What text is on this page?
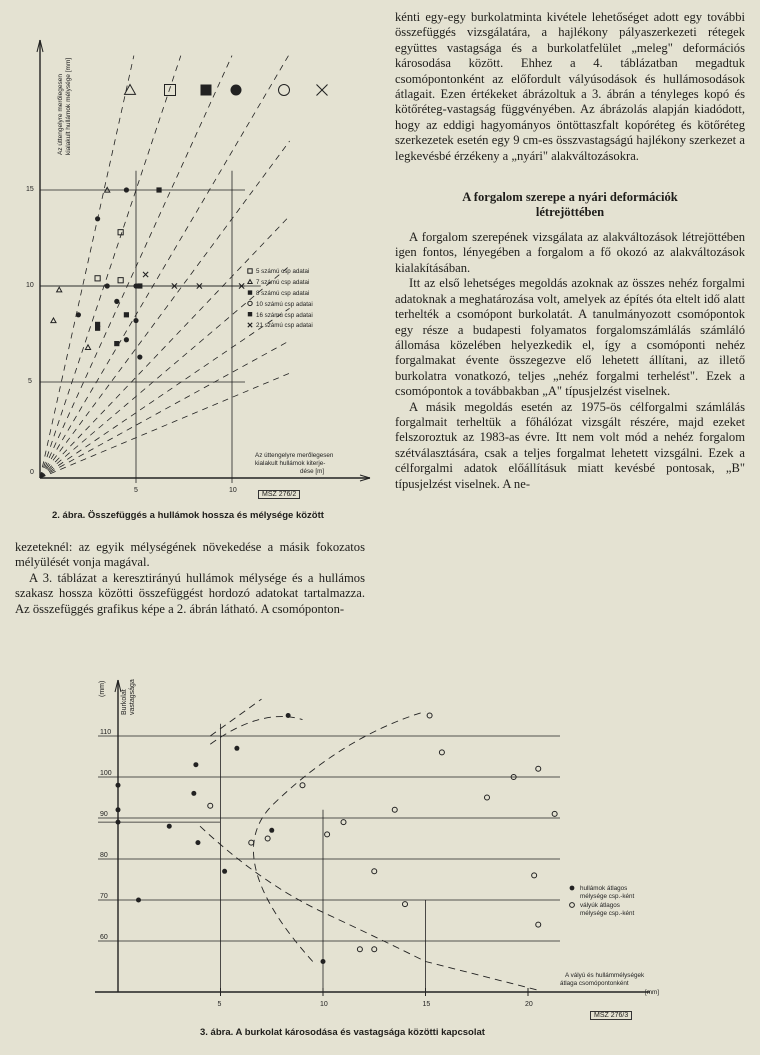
Az úttengelyre merőlegesen kialakult hullámok mélysége [mm]
Az úttengelyre merőlegesen
kialakult hullámok kiterje-
dése [m]
0
5
10
15
5	10
5 számú csp adatai
7 számú csp adatai
8 számú csp adatai
10 számú csp adatai
16 számú csp adatai
21 számú csp adatai
MSZ 276/2
2. ábra. Összefüggés a hullámok hossza és mélysége között

kénti egy-egy burkolatminta kivétele lehetőséget adott egy további összefüggés vizsgálatára, a hajlékony pályaszerkezeti rétegek együttes vastagsága és a burkolatfelület „meleg" deformációs károsodása között. Ehhez a 4. táblázatban megadtuk csomópontonként az előfordult vályúsodások és hullámosodások átlagait. Ezen értékeket ábrázoltuk a 3. ábrán a tényleges kopó és kötőréteg-vastagság függvényében. Az ábrázolás alapján kiadódott, hogy az eddigi hagyományos öntöttaszfalt kopóréteg és kötőréteg szerkezetek esetén egy 9 cm-es összvastagságú hajlékony szerkezet a legkevésbé érzékeny a „nyári" alakváltozásokra.

A forgalom szerepe a nyári deformációk létrejöttében

A forgalom szerepének vizsgálata az alakváltozások létrejöttében igen fontos, lényegében a forgalom a fő okozó az alakváltozások kialakításában.

Itt az első lehetséges megoldás azoknak az összes nehéz forgalmi adatoknak a meghatározása volt, amelyek az építés óta eltelt idő alatt terhelték a csomópont burkolatát. A tanulmányozott csomópontok egy része a budapesti folyamatos forgalomszámlálás számláló állomása közelében helyezkedik el, így a csomóponti nehéz forgalmakat évente összegezve elő lehetett állítani, az illető burkolatra vonatkozó, teljes „nehéz forgalmi terhelést". Ezek a csomópontok a továbbakban „A" típusjelzést viselnek.

A másik megoldás esetén az 1975-ös célforgalmi számlálás forgalmait terheltük a főhálózat vizsgált részére, majd ezeket felszoroztuk az 1983-as évre. Itt nem volt mód a nehéz forgalom szétválasztására, csak a teljes forgalmat lehetett vizsgálni. Ezek a célforgalmi adatok előállításuk miatt kevésbé pontosak, „B" típusjelzést viselnek. A ne-

kezeteknél: az egyik mélységének növekedése a másik fokozatos mélyülését vonja magával.

A 3. táblázat a keresztirányú hullámok mélysége és a hullámos szakasz hossza közötti összefüggést hordozó adatokat tartalmazza. Az összefüggés grafikus képe a 2. ábrán látható. A csomóponton-

60
70
80
90
100
110
5	10	15	20
Burkolat vastagsága
(mm)
hullámok átlagos
mélysége csp.-ként
vályúk átlagos
mélysége csp.-ként
A vályú és hullámmélységek
átlaga csomópontonként
[mm]
MSZ 276/3
3. ábra. A burkolat károsodása és vastagsága közötti kapcsolat
